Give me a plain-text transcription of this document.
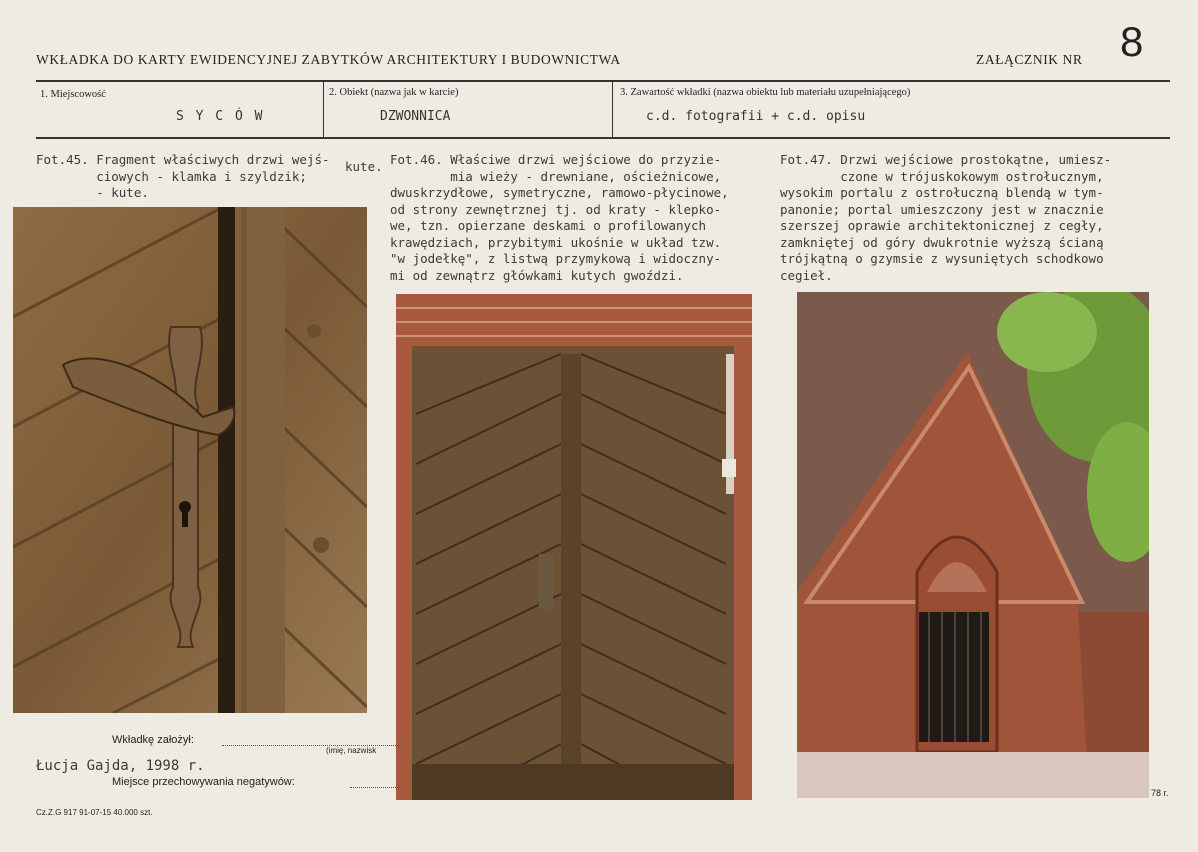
WKŁADKA DO KARTY EWIDENCYJNEJ ZABYTKÓW ARCHITEKTURY I BUDOWNICTWA	ZAŁĄCZNIK NR 8
1. Miejscowość
S Y C Ó W
2. Obiekt (nazwa jak w karcie)
DZWONNICA
3. Zawartość wkładki (nazwa obiektu lub materiału uzupełniającego)
c.d. fotografii + c.d. opisu
Fot.45. Fragment właściwych drzwi wejś-
ciowych - klamka i szyldzik;
- kute.
kute. Fot.46. Właściwe drzwi wejściowe do przyzie-
mia wieży - drewniane, ościeżnicowe,
dwuskrzydłowe, symetryczne, ramowo-płycinowe,
od strony zewnętrznej tj. od kraty - klepko-
we, tzn. opierzane deskami o profilowanych
krawędziach, przybitymi ukośnie w układ tzw.
"w jodełkę", z listwą przymykową i widoczny-
mi od zewnątrz główkami kutych gwoździ.
Fot.47. Drzwi wejściowe prostokątne, umiesz-
czone w trójuskokowym ostrołucznym,
wysokim portalu z ostrołuczną blendą w tym-
panonie; portal umieszczony jest w znacznie
szerszej oprawie architektonicznej z cegły,
zamkniętej od góry dwukrotnie wyższą ścianą
trójkątną o gzymsie z wysuniętych schodkowo
cegieł.
Wkładkę założył:
(imię, nazwisk
Łucja Gajda, 1998 r.
Miejsce przechowywania negatywów:
Cz.Z.G 917 91-07-15 40.000 szt.
78 r.
